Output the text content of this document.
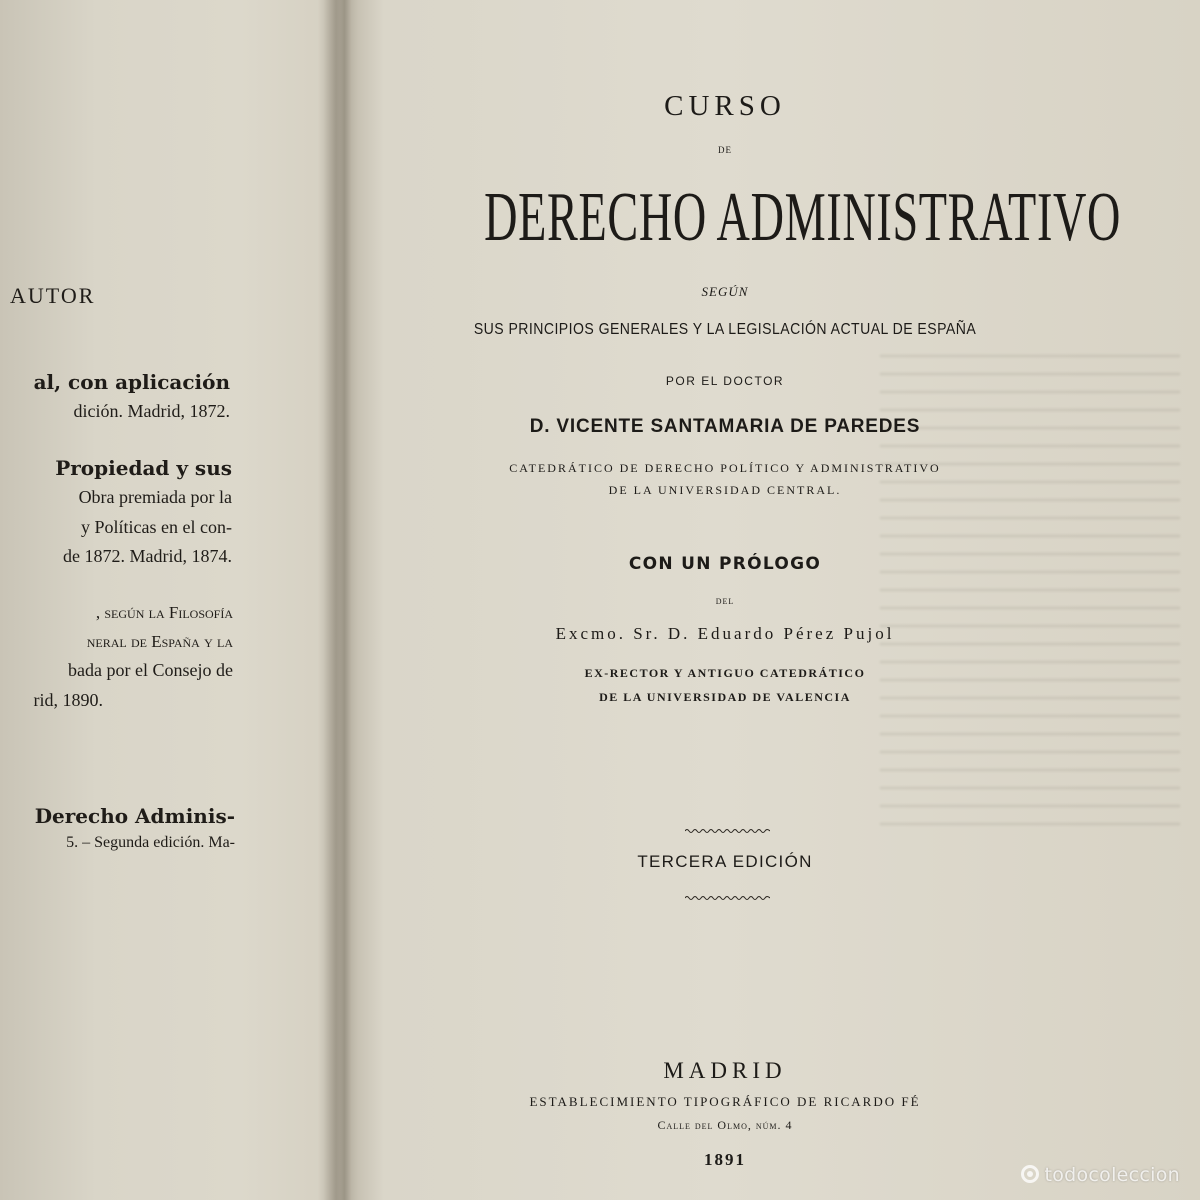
AUTOR
al, con aplicación
dición. Madrid, 1872.
Propiedad y sus
Obra premiada por la
y Políticas en el con-
de 1872. Madrid, 1874.
, según la Filosofía
neral de España y la
bada por el Consejo de
rid, 1890.
Derecho Adminis-
5. – Segunda edición. Ma-
CURSO
DE
DERECHO ADMINISTRATIVO
SEGÚN
SUS PRINCIPIOS GENERALES Y LA LEGISLACIÓN ACTUAL DE ESPAÑA
POR EL DOCTOR
D. VICENTE SANTAMARIA DE PAREDES
CATEDRÁTICO DE DERECHO POLÍTICO Y ADMINISTRATIVO
DE LA UNIVERSIDAD CENTRAL.
CON UN PRÓLOGO
DEL
Excmo. Sr. D. Eduardo Pérez Pujol
EX-RECTOR Y ANTIGUO CATEDRÁTICO
DE LA UNIVERSIDAD DE VALENCIA
TERCERA EDICIÓN
MADRID
ESTABLECIMIENTO TIPOGRÁFICO DE RICARDO FÉ
Calle del Olmo, núm. 4
1891
todocoleccion
